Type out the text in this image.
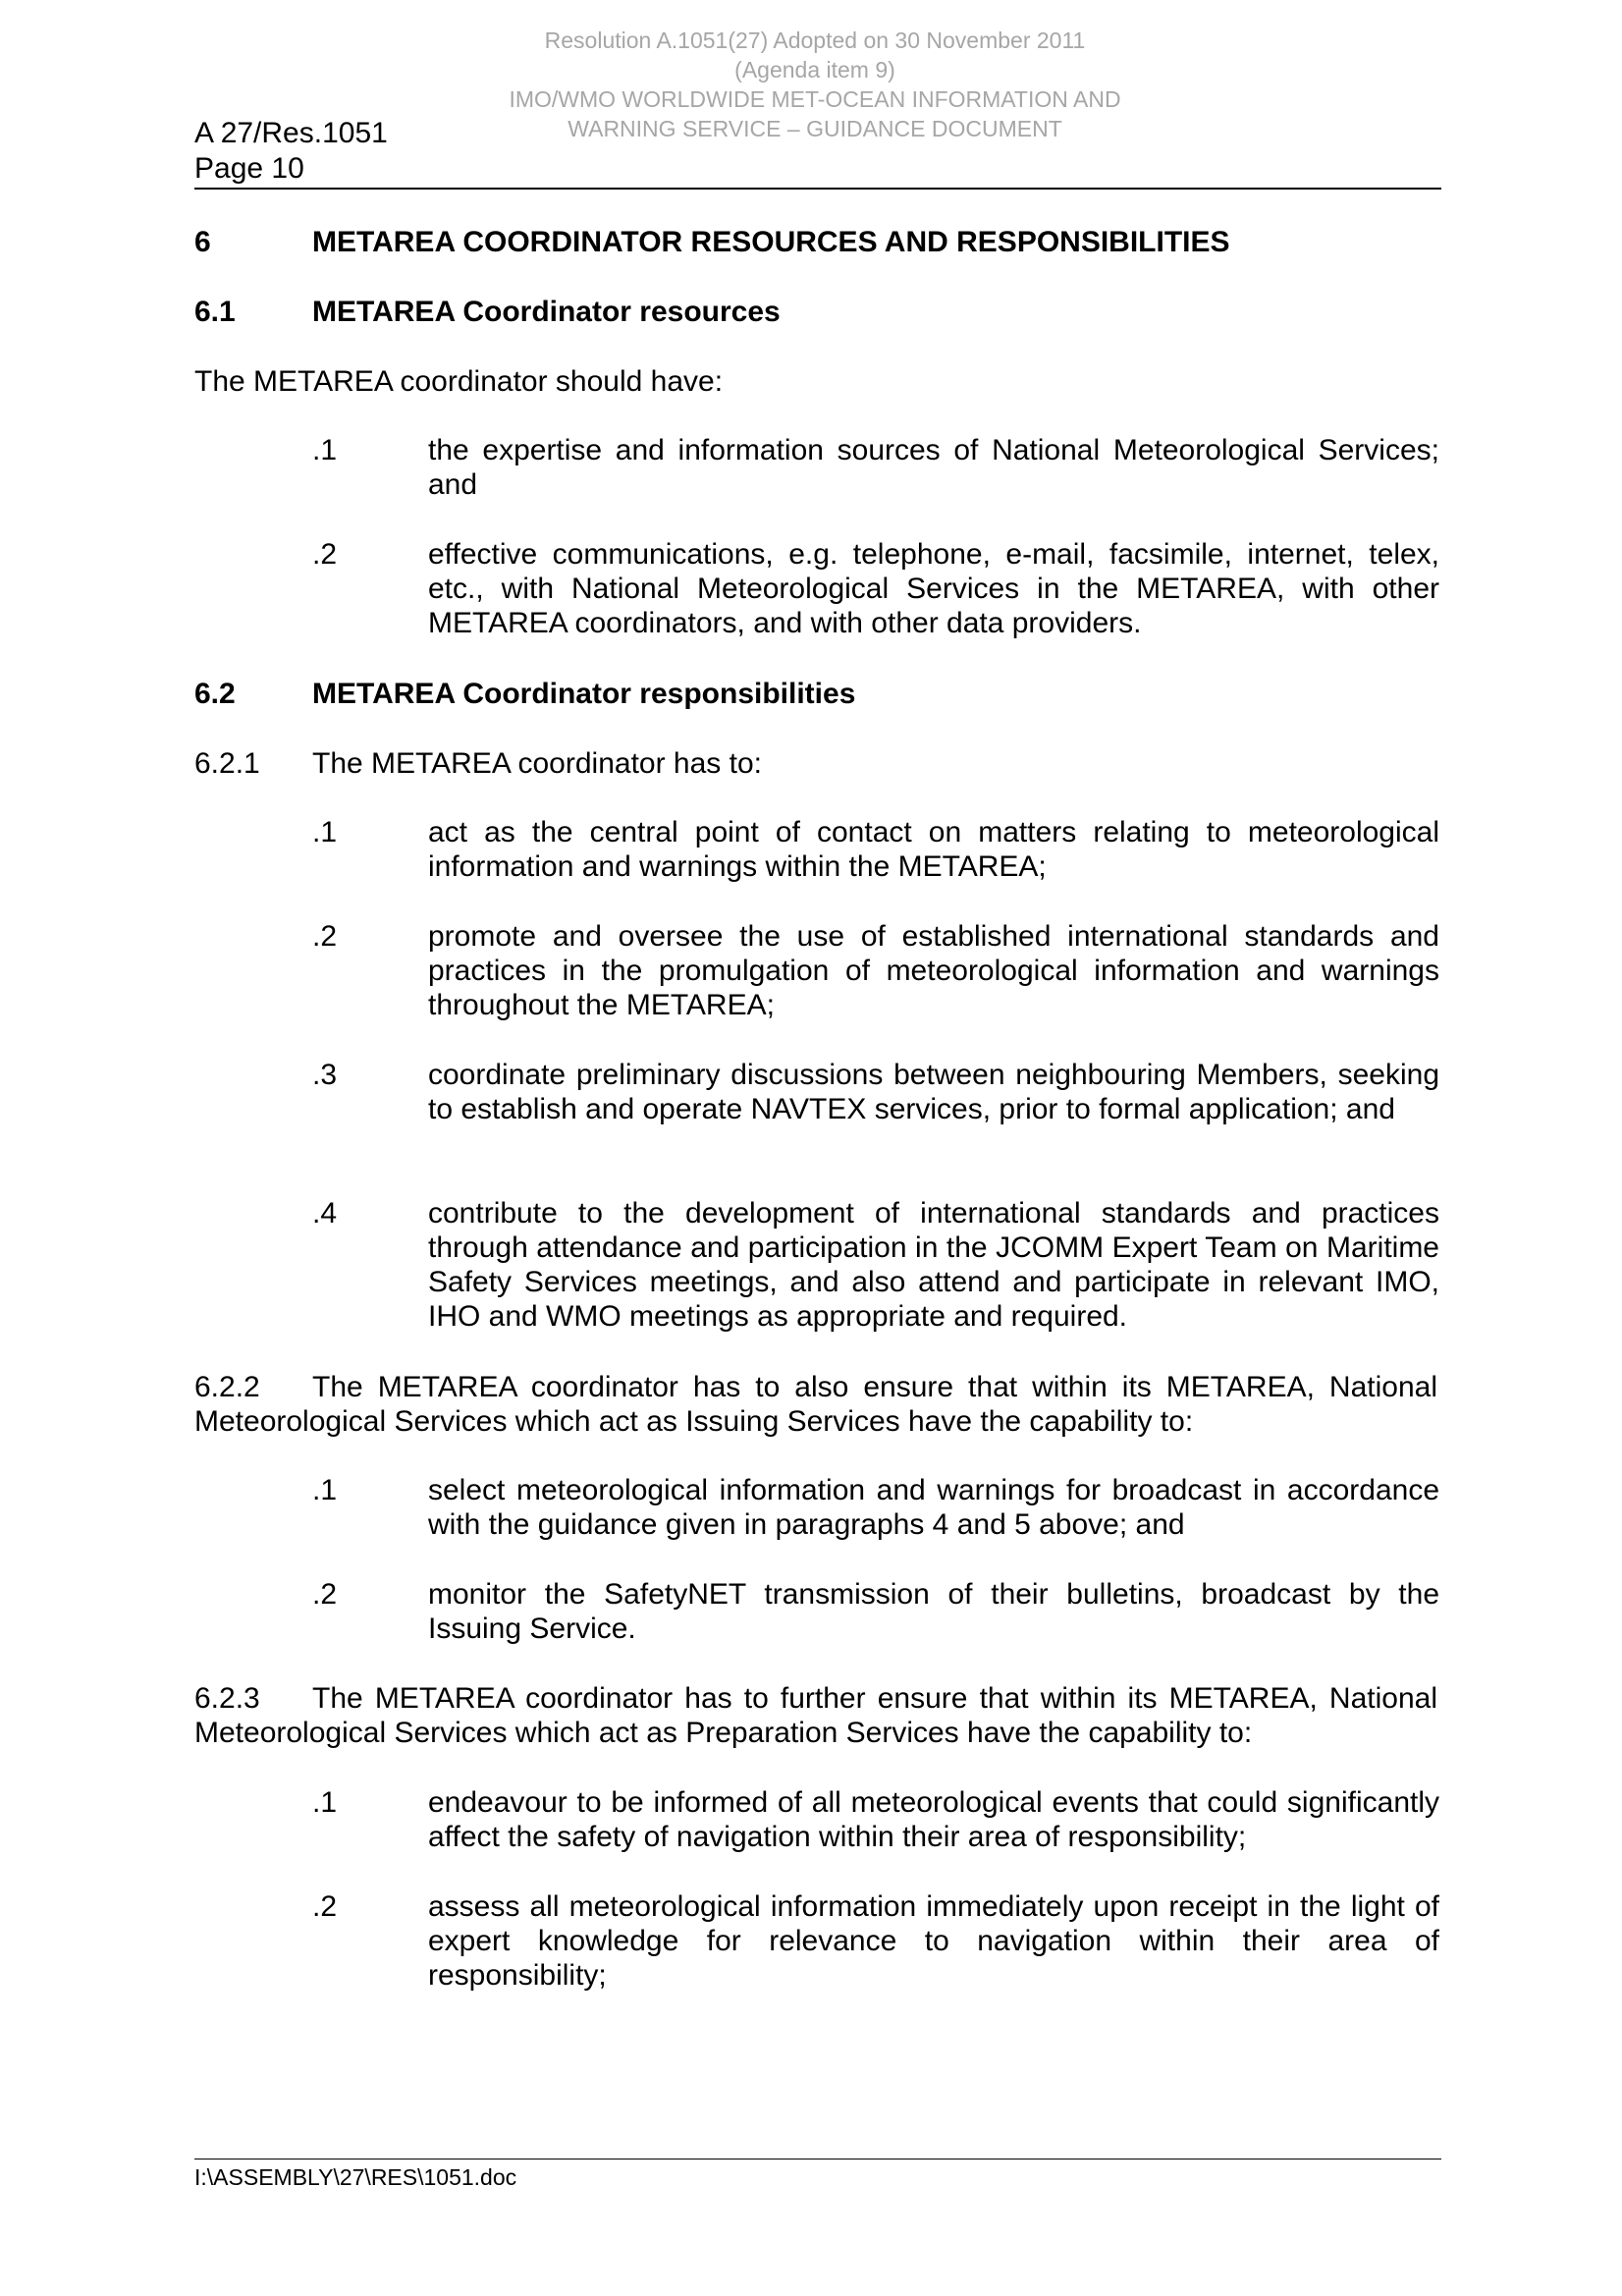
Resolution A.1051(27) Adopted on 30 November 2011
(Agenda item 9)
IMO/WMO WORLDWIDE MET-OCEAN INFORMATION AND
WARNING SERVICE – GUIDANCE DOCUMENT
A 27/Res.1051
Page 10
6	METAREA COORDINATOR RESOURCES AND RESPONSIBILITIES
6.1	METAREA Coordinator resources
The METAREA coordinator should have:
.1	the expertise and information sources of National Meteorological Services; and
.2	effective communications, e.g. telephone, e-mail, facsimile, internet, telex, etc., with National Meteorological Services in the METAREA, with other METAREA coordinators, and with other data providers.
6.2	METAREA Coordinator responsibilities
6.2.1 The METAREA coordinator has to:
.1	act as the central point of contact on matters relating to meteorological information and warnings within the METAREA;
.2	promote and oversee the use of established international standards and practices in the promulgation of meteorological information and warnings throughout the METAREA;
.3	coordinate preliminary discussions between neighbouring Members, seeking to establish and operate NAVTEX services, prior to formal application; and
.4	contribute to the development of international standards and practices through attendance and participation in the JCOMM Expert Team on Maritime Safety Services meetings, and also attend and participate in relevant IMO, IHO and WMO meetings as appropriate and required.
6.2.2 The METAREA coordinator has to also ensure that within its METAREA, National Meteorological Services which act as Issuing Services have the capability to:
.1	select meteorological information and warnings for broadcast in accordance with the guidance given in paragraphs 4 and 5 above; and
.2	monitor the SafetyNET transmission of their bulletins, broadcast by the Issuing Service.
6.2.3 The METAREA coordinator has to further ensure that within its METAREA, National Meteorological Services which act as Preparation Services have the capability to:
.1	endeavour to be informed of all meteorological events that could significantly affect the safety of navigation within their area of responsibility;
.2	assess all meteorological information immediately upon receipt in the light of expert knowledge for relevance to navigation within their area of responsibility;
I:\ASSEMBLY\27\RES\1051.doc
